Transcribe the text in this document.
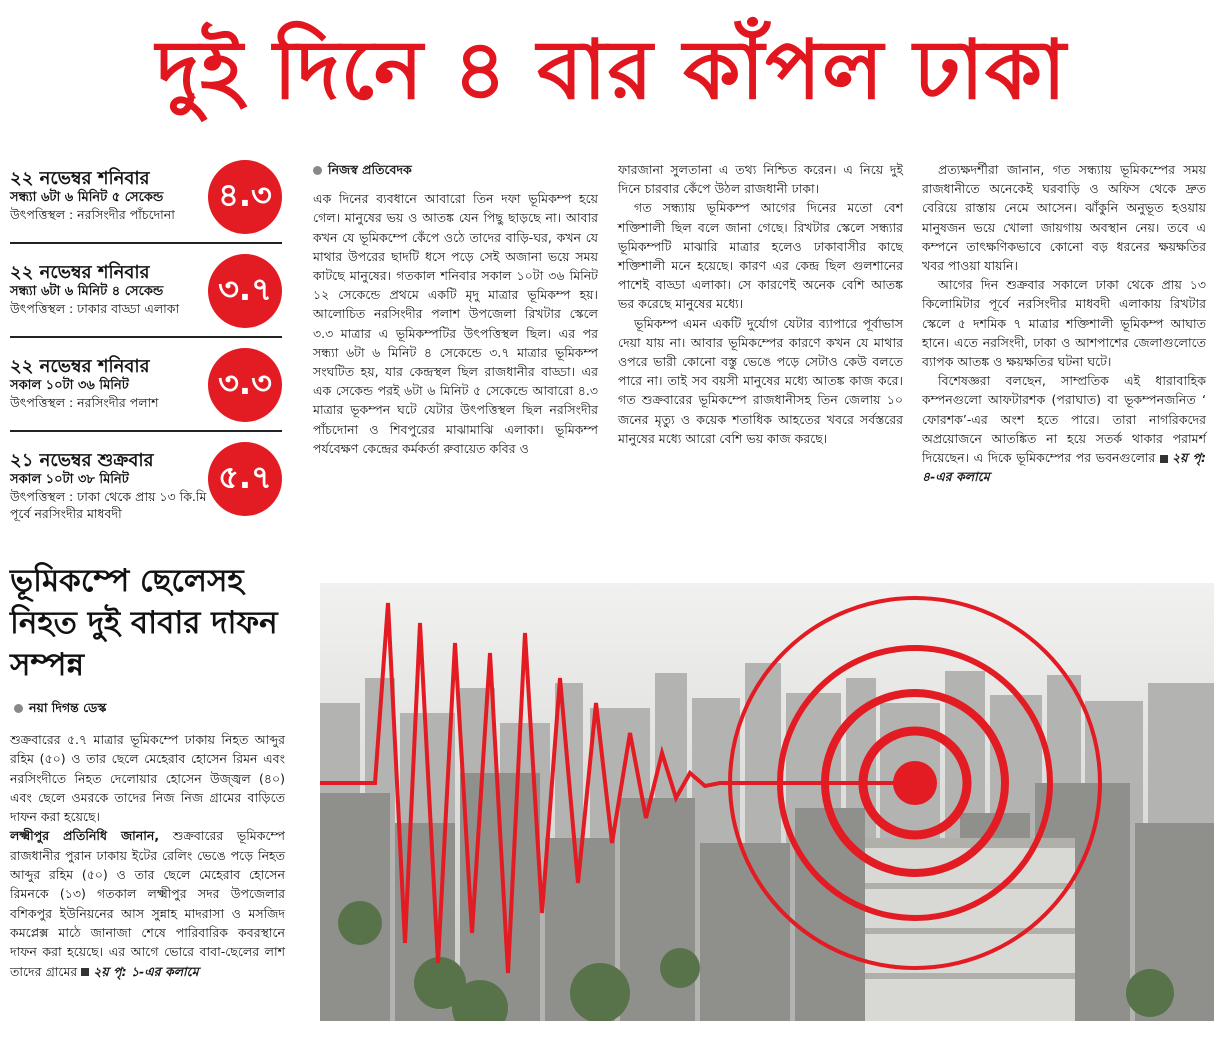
দুই দিনে ৪ বার কাঁপল ঢাকা
২২ নভেম্বর শনিবার
সন্ধ্যা ৬টা ৬ মিনিট ৫ সেকেন্ড
উৎপত্তিস্থল : নরসিংদীর পাঁচদোনা
৪.৩
২২ নভেম্বর শনিবার
সন্ধ্যা ৬টা ৬ মিনিট ৪ সেকেন্ড
উৎপত্তিস্থল : ঢাকার বাড্ডা এলাকা
৩.৭
২২ নভেম্বর শনিবার
সকাল ১০টা ৩৬ মিনিট
উৎপত্তিস্থল : নরসিংদীর পলাশ
৩.৩
২১ নভেম্বর শুক্রবার
সকাল ১০টা ৩৮ মিনিট
উৎপত্তিস্থল : ঢাকা থেকে প্রায় ১৩ কি.মি পূর্বে নরসিংদীর মাধবদী
৫.৭
নিজস্ব প্রতিবেদক

এক দিনের ব্যবধানে আবারো তিন দফা ভূমিকম্প হয়ে গেল। মানুষের ভয় ও আতঙ্ক যেন পিছু ছাড়ছে না। আবার কখন যে ভূমিকম্পে কেঁপে ওঠে তাদের বাড়ি-ঘর, কখন যে মাথার উপরের ছাদটি ধসে পড়ে সেই অজানা ভয়ে সময় কাটছে মানুষের। গতকাল শনিবার সকাল ১০টা ৩৬ মিনিট ১২ সেকেন্ডে প্রথমে একটি মৃদু মাত্রার ভূমিকম্প হয়। আলোচিত নরসিংদীর পলাশ উপজেলা রিখটার স্কেলে ৩.৩ মাত্রার এ ভূমিকম্পটির উৎপত্তিস্থল ছিল। এর পর সন্ধ্যা ৬টা ৬ মিনিট ৪ সেকেন্ডে ৩.৭ মাত্রার ভূমিকম্প সংঘটিত হয়, যার কেন্দ্রস্থল ছিল রাজধানীর বাড্ডা। এর এক সেকেন্ড পরই ৬টা ৬ মিনিট ৫ সেকেন্ডে আবারো ৪.৩ মাত্রার ভূকম্পন ঘটে যেটার উৎপত্তিস্থল ছিল নরসিংদীর পাঁচদোনা ও শিবপুরের মাঝামাঝি এলাকা। ভূমিকম্প পর্যবেক্ষণ কেন্দ্রের কর্মকর্তা রুবায়েত কবির ও

ফারজানা সুলতানা এ তথ্য নিশ্চিত করেন। এ নিয়ে দুই দিনে চারবার কেঁপে উঠল রাজধানী ঢাকা।

গত সন্ধ্যায় ভূমিকম্প আগের দিনের মতো বেশ শক্তিশালী ছিল বলে জানা গেছে। রিখটার স্কেলে সন্ধ্যার ভূমিকম্পটি মাঝারি মাত্রার হলেও ঢাকাবাসীর কাছে শক্তিশালী মনে হয়েছে। কারণ এর কেন্দ্র ছিল গুলশানের পাশেই বাড্ডা এলাকা। সে কারণেই অনেক বেশি আতঙ্ক ভর করেছে মানুষের মধ্যে।

ভূমিকম্প এমন একটি দুর্যোগ যেটার ব্যাপারে পূর্বাভাস দেয়া যায় না। আবার ভূমিকম্পের কারণে কখন যে মাথার ওপরে ভারী কোনো বস্তু ভেঙে পড়ে সেটাও কেউ বলতে পারে না। তাই সব বয়সী মানুষের মধ্যে আতঙ্ক কাজ করে। গত শুক্রবারের ভূমিকম্পে রাজধানীসহ তিন জেলায় ১০ জনের মৃত্যু ও কয়েক শতাধিক আহতের খবরে সর্বস্তরের মানুষের মধ্যে আরো বেশি ভয় কাজ করছে।

প্রত্যক্ষদর্শীরা জানান, গত সন্ধ্যায় ভূমিকম্পের সময় রাজধানীতে অনেকেই ঘরবাড়ি ও অফিস থেকে দ্রুত বেরিয়ে রাস্তায় নেমে আসেন। ঝাঁকুনি অনুভূত হওয়ায় মানুষজন ভয়ে খোলা জায়গায় অবস্থান নেয়। তবে এ কম্পনে তাৎক্ষণিকভাবে কোনো বড় ধরনের ক্ষয়ক্ষতির খবর পাওয়া যায়নি।

আগের দিন শুক্রবার সকালে ঢাকা থেকে প্রায় ১৩ কিলোমিটার পূর্বে নরসিংদীর মাধবদী এলাকায় রিখটার স্কেলে ৫ দশমিক ৭ মাত্রার শক্তিশালী ভূমিকম্প আঘাত হানে। এতে নরসিংদী, ঢাকা ও আশপাশের জেলাগুলোতে ব্যাপক আতঙ্ক ও ক্ষয়ক্ষতির ঘটনা ঘটে।

বিশেষজ্ঞরা বলছেন, সাম্প্রতিক এই ধারাবাহিক কম্পনগুলো আফটারশক (পরাঘাত) বা ভূকম্পনজনিত ‘ ফোরশক’-এর অংশ হতে পারে। তারা নাগরিকদের অপ্রয়োজনে আতঙ্কিত না হয়ে সতর্ক থাকার পরামর্শ দিয়েছেন। এ দিকে ভূমিকম্পের পর ভবনগুলোর ২য় পৃ: ৪-এর কলামে

ভূমিকম্পে ছেলেসহ নিহত দুই বাবার দাফন সম্পন্ন
নয়া দিগন্ত ডেস্ক

শুক্রবারের ৫.৭ মাত্রার ভূমিকম্পে ঢাকায় নিহত আব্দুর রহিম (৫০) ও তার ছেলে মেহেরাব হোসেন রিমন এবং নরসিংদীতে নিহত দেলোয়ার হোসেন উজ্জ্বল (৪০) এবং ছেলে ওমরকে তাদের নিজ নিজ গ্রামের বাড়িতে দাফন করা হয়েছে।

লক্ষ্মীপুর প্রতিনিধি জানান, শুক্রবারের ভূমিকম্পে রাজধানীর পুরান ঢাকায় ইটের রেলিং ভেঙে পড়ে নিহত আব্দুর রহিম (৫০) ও তার ছেলে মেহেরাব হোসেন রিমনকে (১৩) গতকাল লক্ষ্মীপুর সদর উপজেলার বশিকপুর ইউনিয়নের আস সুন্নাহ মাদরাসা ও মসজিদ কমপ্লেক্স মাঠে জানাজা শেষে পারিবারিক কবরস্থানে দাফন করা হয়েছে। এর আগে ভোরে বাবা-ছেলের লাশ তাদের গ্রামের ২য় পৃ: ১-এর কলামে
